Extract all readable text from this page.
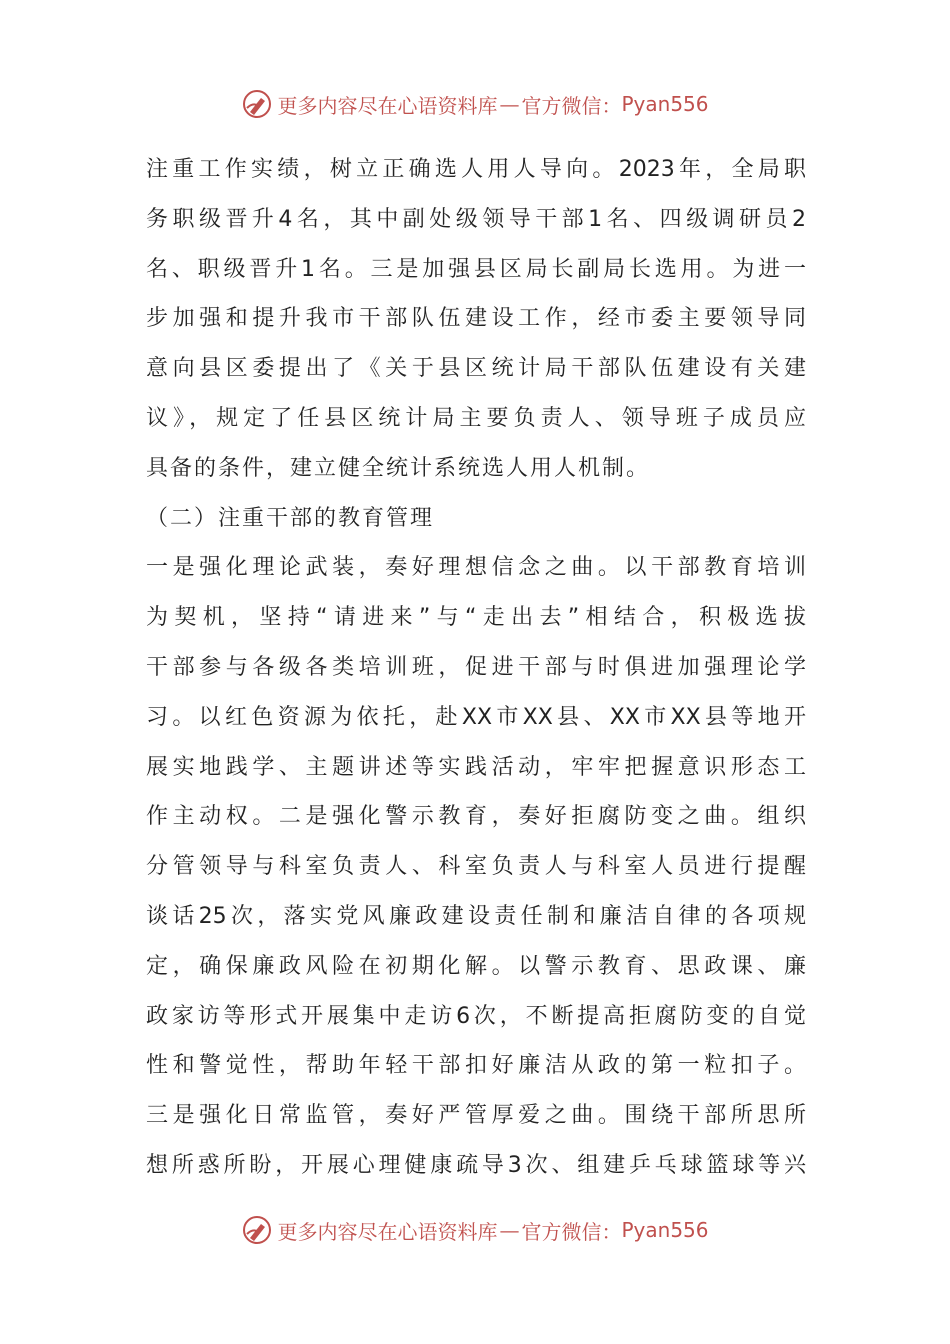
更多内容尽在心语资料库 — 官方微信： Pyan556
注重工作实绩，树立正确选人用人导向。2023年，全局职
务职级晋升4名，其中副处级领导干部1名、四级调研员2
名、职级晋升1名。三是加强县区局长副局长选用。为进一
步加强和提升我市干部队伍建设工作，经市委主要领导同
意向县区委提出了《关于县区统计局干部队伍建设有关建
议》，规定了任县区统计局主要负责人、领导班子成员应
具备的条件，建立健全统计系统选人用人机制。
（二）注重干部的教育管理
一是强化理论武装，奏好理想信念之曲。以干部教育培训
为契机，坚持“请进来”与“走出去”相结合，积极选拔
干部参与各级各类培训班，促进干部与时俱进加强理论学
习。以红色资源为依托，赴XX市XX县、XX市XX县等地开
展实地践学、主题讲述等实践活动，牢牢把握意识形态工
作主动权。二是强化警示教育，奏好拒腐防变之曲。组织
分管领导与科室负责人、科室负责人与科室人员进行提醒
谈话25次，落实党风廉政建设责任制和廉洁自律的各项规
定，确保廉政风险在初期化解。以警示教育、思政课、廉
政家访等形式开展集中走访6次，不断提高拒腐防变的自觉
性和警觉性，帮助年轻干部扣好廉洁从政的第一粒扣子。
三是强化日常监管，奏好严管厚爱之曲。围绕干部所思所
想所惑所盼，开展心理健康疏导3次、组建乒乓球篮球等兴
更多内容尽在心语资料库 — 官方微信： Pyan556
